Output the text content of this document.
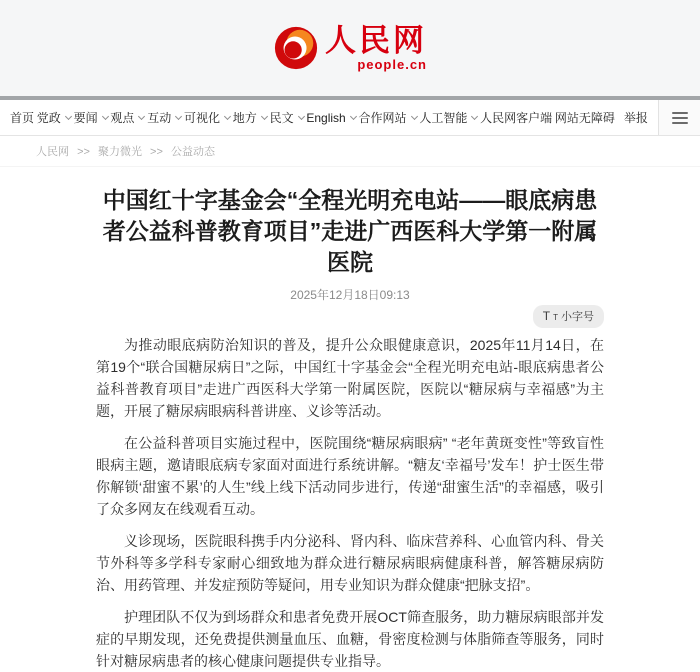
人民网
people.cn
首页 党政 要闻 观点 互动 可视化 地方 民文 English 合作网站 人工智能 人民网客户端 网站无障碍 举报
人民网 >> 聚力微光 >> 公益动态
中国红十字基金会“全程光明充电站——眼底病患者公益科普教育项目”走进广西医科大学第一附属医院
2025年12月18日09:13
T T 小字号

为推动眼底病防治知识的普及，提升公众眼健康意识，2025年11月14日，在第19个“联合国糖尿病日”之际，中国红十字基金会“全程光明充电站-眼底病患者公益科普教育项目”走进广西医科大学第一附属医院，医院以“糖尿病与幸福感”为主题，开展了糖尿病眼病科普讲座、义诊等活动。

在公益科普项目实施过程中，医院围绕“糖尿病眼病” “老年黄斑变性”等致盲性眼病主题，邀请眼底病专家面对面进行系统讲解。“糖友‘幸福号’发车！护士医生带你解锁‘甜蜜不累’的人生”线上线下活动同步进行，传递“甜蜜生活”的幸福感，吸引了众多网友在线观看互动。

义诊现场，医院眼科携手内分泌科、肾内科、临床营养科、心血管内科、骨关节外科等多学科专家耐心细致地为群众进行糖尿病眼病健康科普，解答糖尿病防治、用药管理、并发症预防等疑问，用专业知识为群众健康“把脉支招”。

护理团队不仅为到场群众和患者免费开展OCT筛查服务，助力糖尿病眼部并发症的早期发现，还免费提供测量血压、血糖，骨密度检测与体脂筛查等服务，同时针对糖尿病患者的核心健康问题提供专业指导。
